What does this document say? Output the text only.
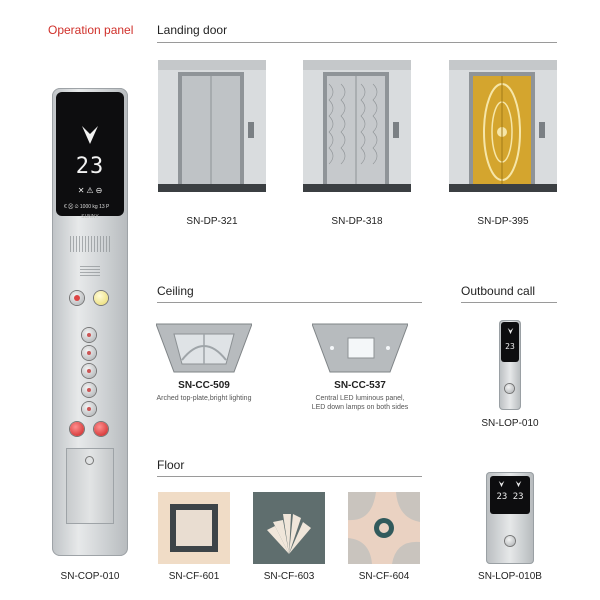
Operation panel Landing door
23
✕⚠⊖
€ ⛒ ⊘ 1000 kg 13 P
SUNNY
SN-COP-010
SN-DP-321	SN-DP-318	SN-DP-395
Ceiling
SN-CC-509
Arched top-plate,bright lighting
SN-CC-537
Central LED luminous panel,
LED down lamps on both sides
Outbound call
23
SN-LOP-010
23 23
SN-LOP-010B
Floor
SN-CF-601	SN-CF-603	SN-CF-604
